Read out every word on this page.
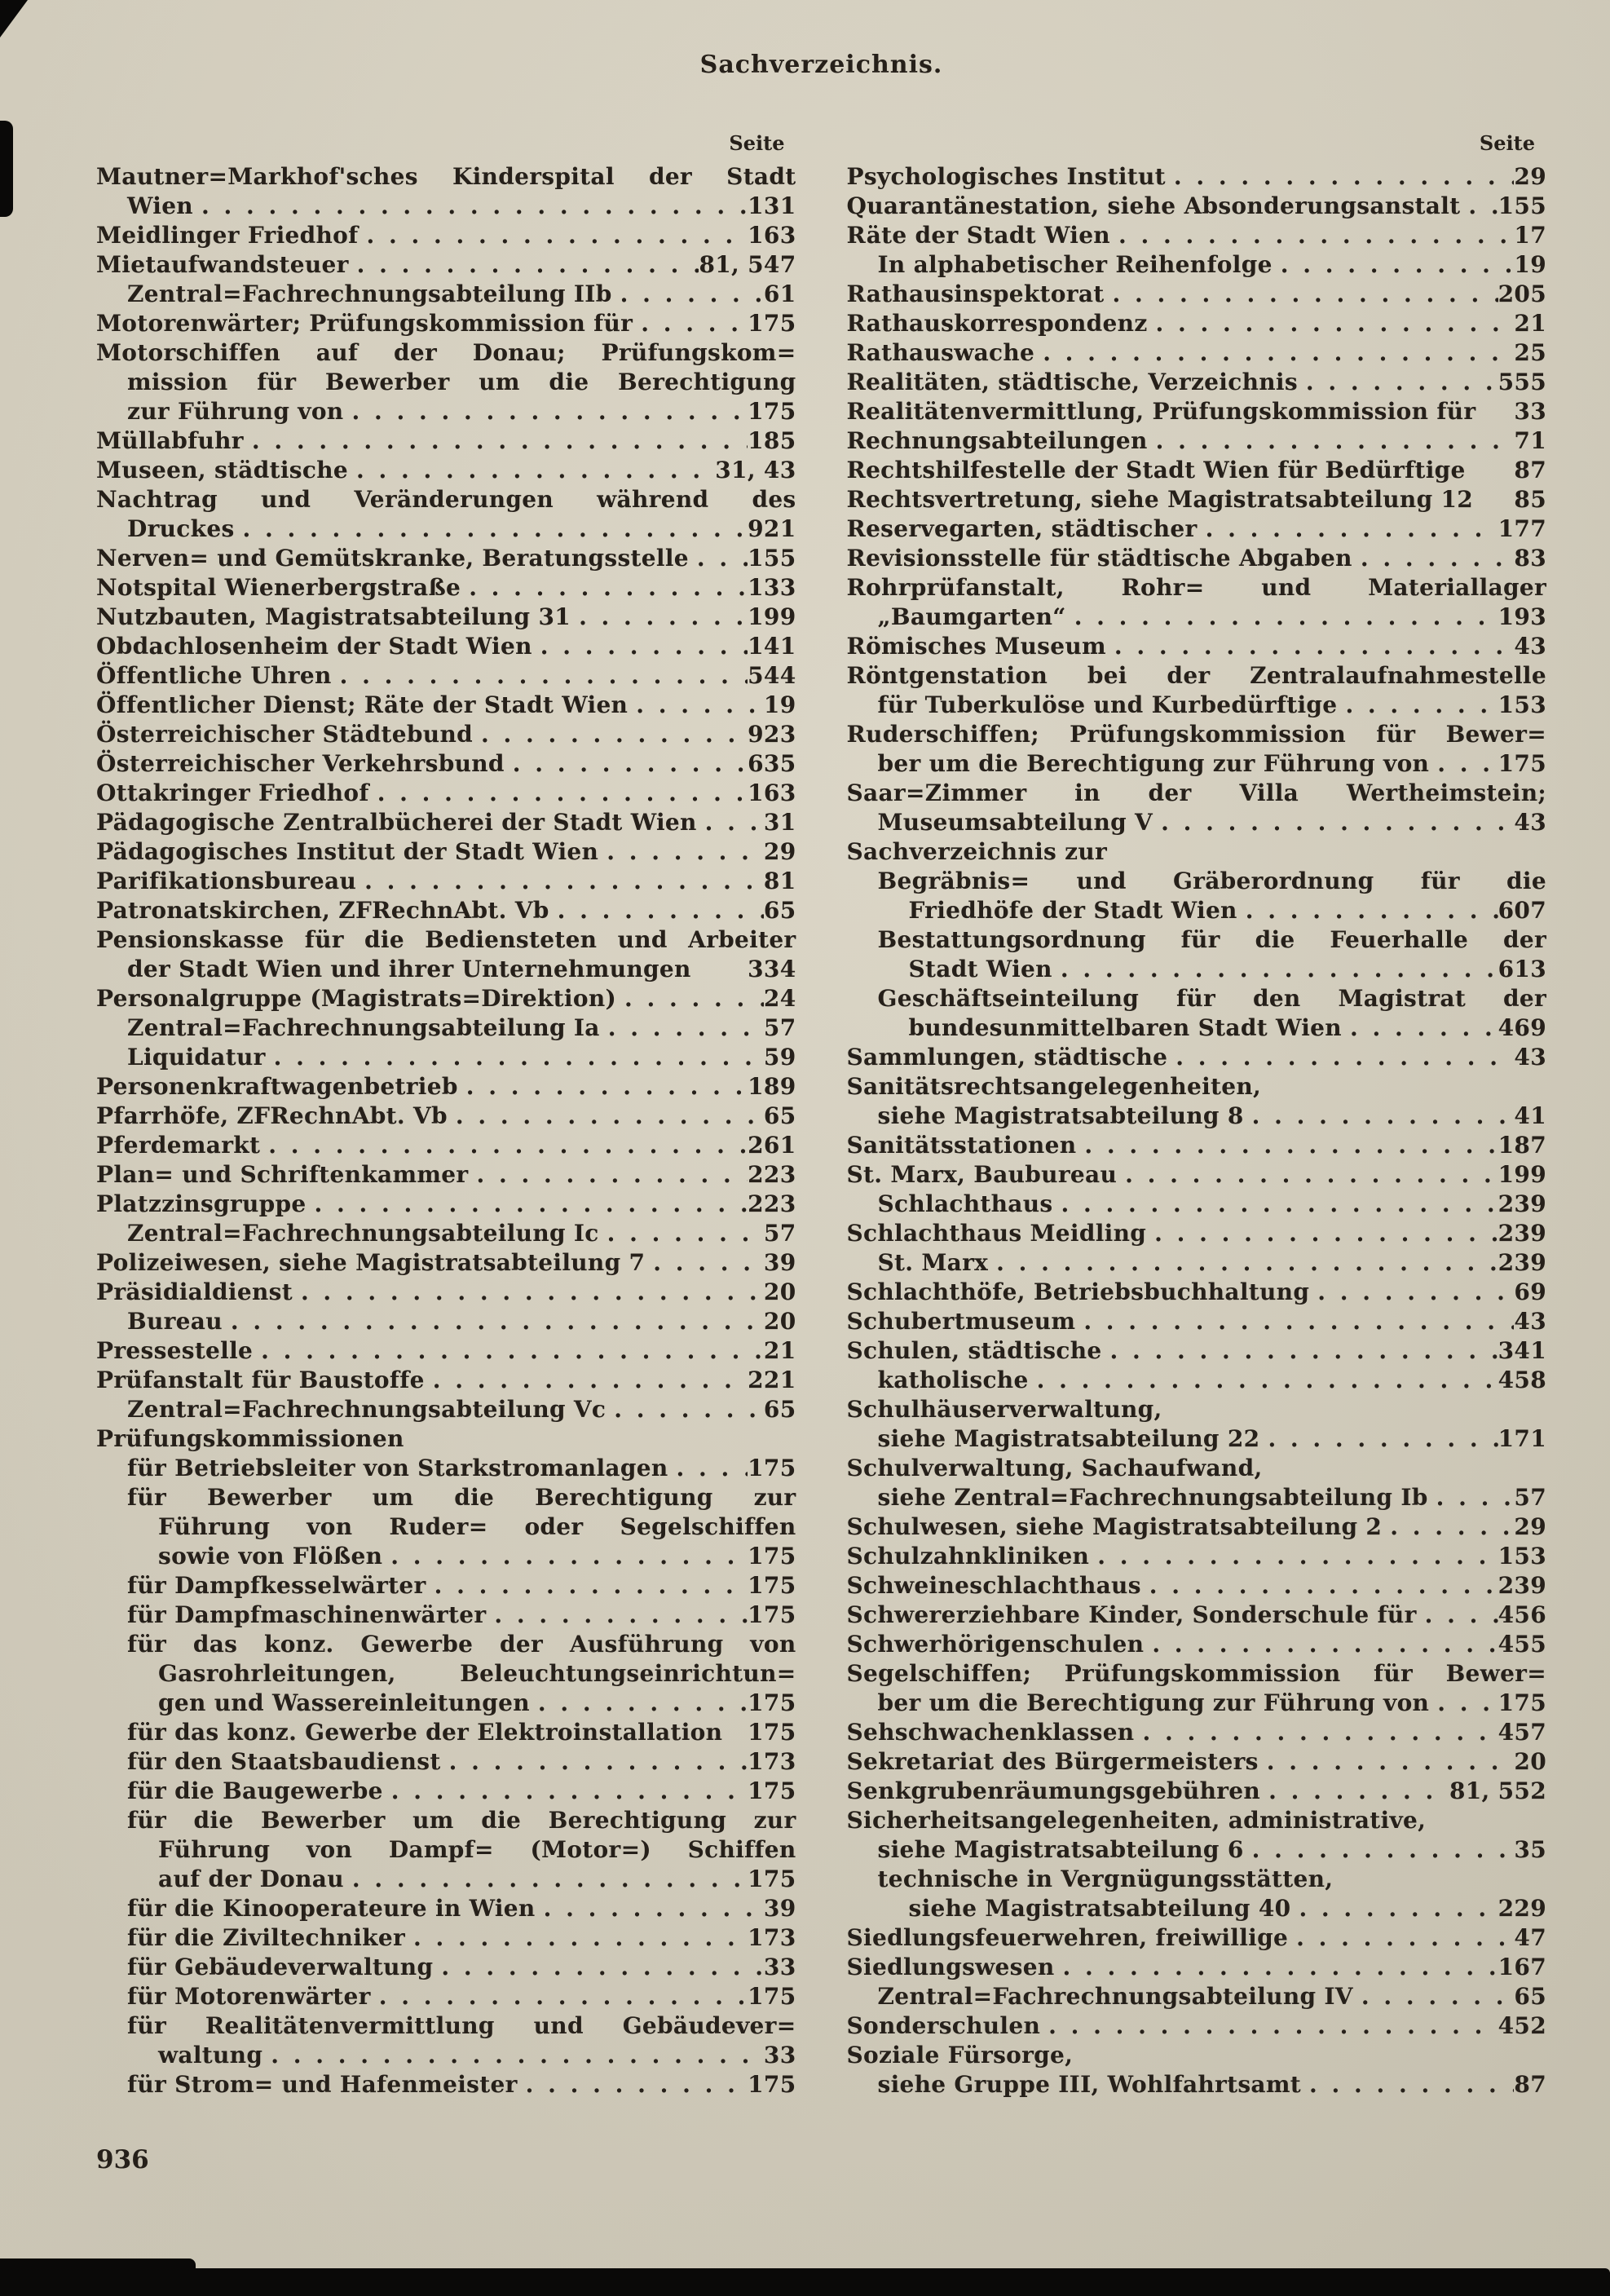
Sachverzeichnis.
Seite
Mautner=Markhof'sches Kinderspital der Stadt
Wien . . .	131
Meidlinger Friedhof . . .	163
Mietaufwandsteuer . . .	81, 547
Zentral=Fachrechnungsabteilung IIb . . .	61
Motorenwärter; Prüfungskommission für . . .	175
Motorschiffen auf der Donau; Prüfungskom=
mission für Bewerber um die Berechtigung
zur Führung von . . .	175
Müllabfuhr . . .	185
Museen, städtische . . .	31, 43
Nachtrag und Veränderungen während des
Druckes . . .	921
Nerven= und Gemütskranke, Beratungsstelle . . .	155
Notspital Wienerbergstraße . . .	133
Nutzbauten, Magistratsabteilung 31 . . .	199
Obdachlosenheim der Stadt Wien . . .	141
Öffentliche Uhren . . .	544
Öffentlicher Dienst; Räte der Stadt Wien . . .	19
Österreichischer Städtebund . . .	923
Österreichischer Verkehrsbund . . .	635
Ottakringer Friedhof . . .	163
Pädagogische Zentralbücherei der Stadt Wien . . .	31
Pädagogisches Institut der Stadt Wien . . .	29
Parifikationsbureau . . .	81
Patronatskirchen, ZFRechnAbt. Vb . . .	65
Pensionskasse für die Bediensteten und Arbeiter
der Stadt Wien und ihrer Unternehmungen 334
Personalgruppe (Magistrats=Direktion) . . .	24
Zentral=Fachrechnungsabteilung Ia . . .	57
Liquidatur . . .	59
Personenkraftwagenbetrieb . . .	189
Pfarrhöfe, ZFRechnAbt. Vb . . .	65
Pferdemarkt . . .	261
Plan= und Schriftenkammer . . .	223
Platzzinsgruppe . . .	223
Zentral=Fachrechnungsabteilung Ic . . .	57
Polizeiwesen, siehe Magistratsabteilung 7 . . .	39
Präsidialdienst . . .	20
Bureau . . .	20
Pressestelle . . .	21
Prüfanstalt für Baustoffe . . .	221
Zentral=Fachrechnungsabteilung Vc . . .	65
Prüfungskommissionen
für Betriebsleiter von Starkstromanlagen . . .	175
für Bewerber um die Berechtigung zur
Führung von Ruder= oder Segelschiffen
sowie von Flößen . . .	175
für Dampfkesselwärter . . .	175
für Dampfmaschinenwärter . . .	175
für das konz. Gewerbe der Ausführung von
Gasrohrleitungen, Beleuchtungseinrichtun=
gen und Wassereinleitungen . . .	175
für das konz. Gewerbe der Elektroinstallation 175
für den Staatsbaudienst . . .	173
für die Baugewerbe . . .	175
für die Bewerber um die Berechtigung zur
Führung von Dampf= (Motor=) Schiffen
auf der Donau . . .	175
für die Kinooperateure in Wien . . .	39
für die Ziviltechniker . . .	173
für Gebäudeverwaltung . . .	33
für Motorenwärter . . .	175
für Realitätenvermittlung und Gebäudever=
waltung . . .	33
für Strom= und Hafenmeister . . .	175
Seite
Psychologisches Institut . . .	29
Quarantänestation, siehe Absonderungsanstalt . . . 155
Räte der Stadt Wien . . .	17
In alphabetischer Reihenfolge . . .	19
Rathausinspektorat . . .	205
Rathauskorrespondenz . . .	21
Rathauswache . . .	25
Realitäten, städtische, Verzeichnis . . .	555
Realitätenvermittlung, Prüfungskommission für 33
Rechnungsabteilungen . . .	71
Rechtshilfestelle der Stadt Wien für Bedürftige 87
Rechtsvertretung, siehe Magistratsabteilung 12 85
Reservegarten, städtischer . . .	177
Revisionsstelle für städtische Abgaben . . .	83
Rohrprüfanstalt, Rohr= und Materiallager
„Baumgarten“ . . .	193
Römisches Museum . . .	43
Röntgenstation bei der Zentralaufnahmestelle
für Tuberkulöse und Kurbedürftige . . .	153
Ruderschiffen; Prüfungskommission für Bewer=
ber um die Berechtigung zur Führung von . . .	175
Saar=Zimmer in der Villa Wertheimstein;
Museumsabteilung V . . .	43
Sachverzeichnis zur
Begräbnis= und Gräberordnung für die
Friedhöfe der Stadt Wien . . .	607
Bestattungsordnung für die Feuerhalle der
Stadt Wien . . .	613
Geschäftseinteilung für den Magistrat der
bundesunmittelbaren Stadt Wien . . .	469
Sammlungen, städtische . . .	43
Sanitätsrechtsangelegenheiten,
siehe Magistratsabteilung 8 . . .	41
Sanitätsstationen . . .	187
St. Marx, Baubureau . . .	199
Schlachthaus . . .	239
Schlachthaus Meidling . . .	239
St. Marx . . .	239
Schlachthöfe, Betriebsbuchhaltung . . .	69
Schubertmuseum . . .	43
Schulen, städtische . . .	341
katholische . . .	458
Schulhäuserverwaltung,
siehe Magistratsabteilung 22 . . .	171
Schulverwaltung, Sachaufwand,
siehe Zentral=Fachrechnungsabteilung Ib . . .	57
Schulwesen, siehe Magistratsabteilung 2 . . .	29
Schulzahnkliniken . . .	153
Schweineschlachthaus . . .	239
Schwererziehbare Kinder, Sonderschule für . . .	456
Schwerhörigenschulen . . .	455
Segelschiffen; Prüfungskommission für Bewer=
ber um die Berechtigung zur Führung von . . .	175
Sehschwachenklassen . . .	457
Sekretariat des Bürgermeisters . . .	20
Senkgrubenräumungsgebühren . . .	81, 552
Sicherheitsangelegenheiten, administrative,
siehe Magistratsabteilung 6 . . .	35
technische in Vergnügungsstätten,
siehe Magistratsabteilung 40 . . .	229
Siedlungsfeuerwehren, freiwillige . . .	47
Siedlungswesen . . .	167
Zentral=Fachrechnungsabteilung IV . . .	65
Sonderschulen . . .	452
Soziale Fürsorge,
siehe Gruppe III, Wohlfahrtsamt . . .	87
936
